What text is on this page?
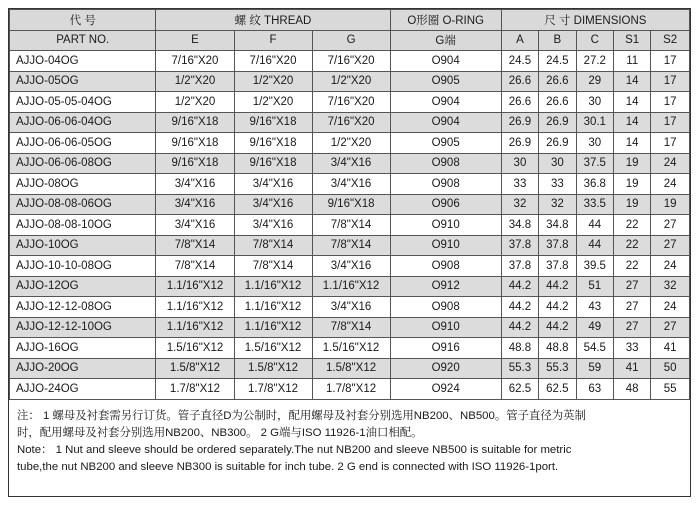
代 号	螺 纹 THREAD			O形圈 O-RING	尺 寸 DIMENSIONS				
PART NO.	E	F	G	G端	A	B	C	S1	S2
AJJO-04OG	7/16"X20	7/16"X20	7/16"X20	O904	24.5	24.5	27.2	11	17
AJJO-05OG	1/2"X20	1/2"X20	1/2"X20	O905	26.6	26.6	29	14	17
AJJO-05-05-04OG	1/2"X20	1/2"X20	7/16"X20	O904	26.6	26.6	30	14	17
AJJO-06-06-04OG	9/16"X18	9/16"X18	7/16"X20	O904	26.9	26.9	30.1	14	17
AJJO-06-06-05OG	9/16"X18	9/16"X18	1/2"X20	O905	26.9	26.9	30	14	17
AJJO-06-06-08OG	9/16"X18	9/16"X18	3/4"X16	O908	30	30	37.5	19	24
AJJO-08OG	3/4"X16	3/4"X16	3/4"X16	O908	33	33	36.8	19	24
AJJO-08-08-06OG	3/4"X16	3/4"X16	9/16"X18	O906	32	32	33.5	19	19
AJJO-08-08-10OG	3/4"X16	3/4"X16	7/8"X14	O910	34.8	34.8	44	22	27
AJJO-10OG	7/8"X14	7/8"X14	7/8"X14	O910	37.8	37.8	44	22	27
AJJO-10-10-08OG	7/8"X14	7/8"X14	3/4"X16	O908	37.8	37.8	39.5	22	24
AJJO-12OG	1.1/16"X12	1.1/16"X12	1.1/16"X12	O912	44.2	44.2	51	27	32
AJJO-12-12-08OG	1.1/16"X12	1.1/16"X12	3/4"X16	O908	44.2	44.2	43	27	24
AJJO-12-12-10OG	1.1/16"X12	1.1/16"X12	7/8"X14	O910	44.2	44.2	49	27	27
AJJO-16OG	1.5/16"X12	1.5/16"X12	1.5/16"X12	O916	48.8	48.8	54.5	33	41
AJJO-20OG	1.5/8"X12	1.5/8"X12	1.5/8"X12	O920	55.3	55.3	59	41	50
AJJO-24OG	1.7/8"X12	1.7/8"X12	1.7/8"X12	O924	62.5	62.5	63	48	55
注： 1 螺母及衬套需另行订货。管子直径D为公制时，配用螺母及衬套分别选用NB200、NB500。管子直径为英制
时，配用螺母及衬套分别选用NB200、NB300。 2 G端与ISO 11926-1油口相配。
Note： 1 Nut and sleeve should be ordered separately.The nut NB200 and sleeve NB500 is suitable for metric
tube,the nut NB200 and sleeve NB300 is suitable for inch tube. 2 G end is connected with ISO 11926-1port.
